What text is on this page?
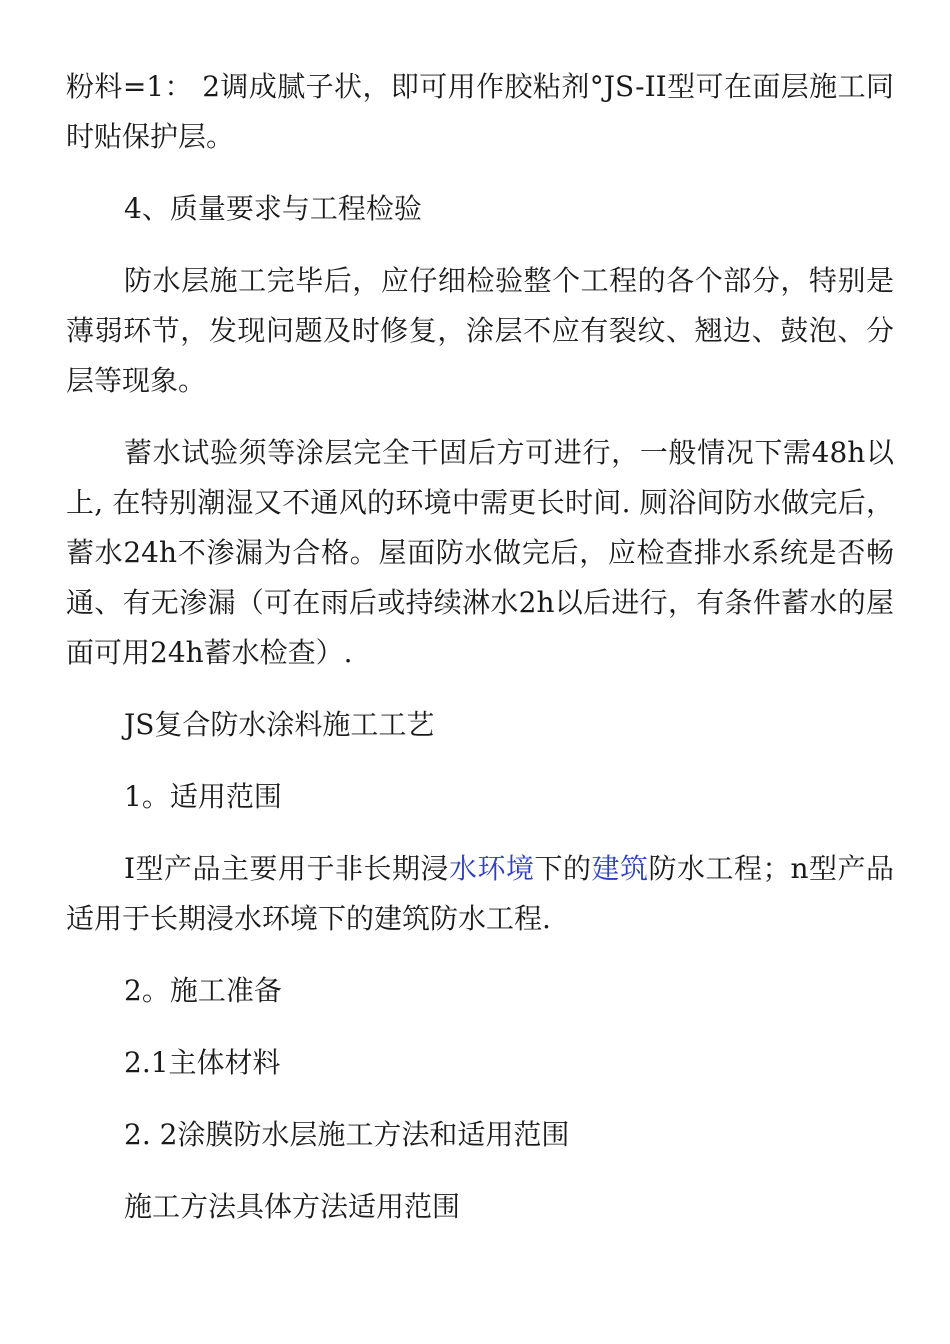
粉料=1： 2调成腻子状，即可用作胶粘剂°JS-II型可在面层施工同时贴保护层。

4、质量要求与工程检验

防水层施工完毕后，应仔细检验整个工程的各个部分，特别是薄弱环节，发现问题及时修复，涂层不应有裂纹、翘边、鼓泡、分层等现象。

蓄水试验须等涂层完全干固后方可进行，一般情况下需48h以上, 在特别潮湿又不通风的环境中需更长时间. 厕浴间防水做完后，蓄水24h不渗漏为合格。屋面防水做完后，应检查排水系统是否畅通、有无渗漏（可在雨后或持续淋水2h以后进行，有条件蓄水的屋面可用24h蓄水检查）.

JS复合防水涂料施工工艺

1。适用范围

I型产品主要用于非长期浸水环境下的建筑防水工程；n型产品适用于长期浸水环境下的建筑防水工程.

2。施工准备

2.1主体材料

2. 2涂膜防水层施工方法和适用范围

施工方法具体方法适用范围
